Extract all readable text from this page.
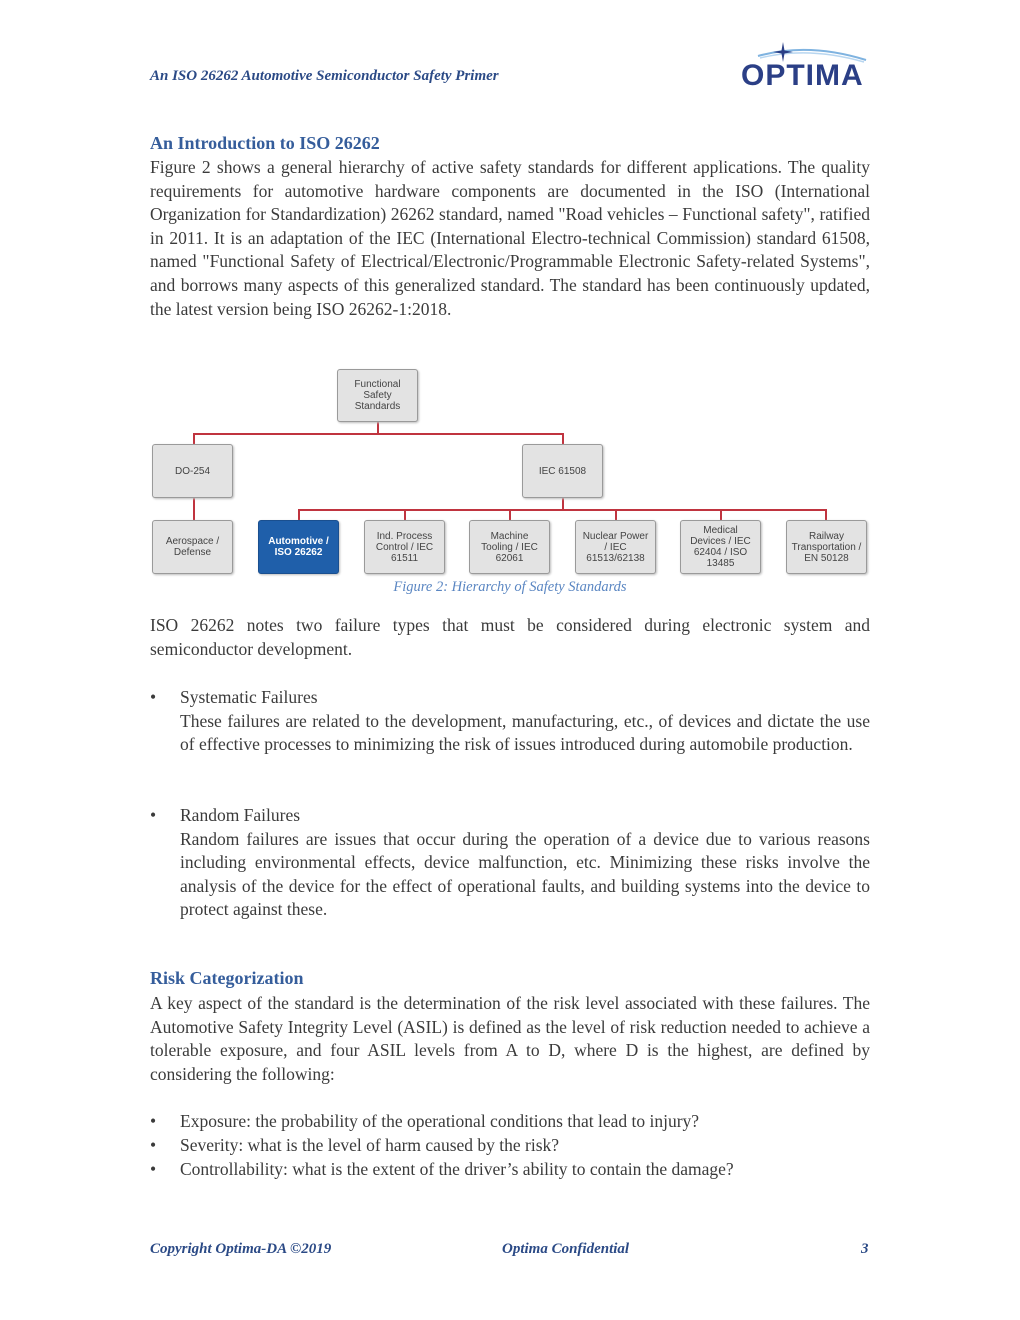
An ISO 26262 Automotive Semiconductor Safety Primer	OPTIMA
An Introduction to ISO 26262
Figure 2 shows a general hierarchy of active safety standards for different applications. The quality requirements for automotive hardware components are documented in the ISO (International Organization for Standardization) 26262 standard, named "Road vehicles – Functional safety", ratified in 2011. It is an adaptation of the IEC (International Electro-technical Commission) standard 61508, named "Functional Safety of Electrical/Electronic/Programmable Electronic Safety-related Systems", and borrows many aspects of this generalized standard. The standard has been continuously updated, the latest version being ISO 26262-1:2018.
Functional Safety Standards
DO-254	IEC 61508
Aerospace / Defense
Automotive / ISO 26262
Ind. Process Control / IEC 61511
Machine Tooling / IEC 62061
Nuclear Power / IEC 61513/62138
Medical Devices / IEC 62404 / ISO 13485
Railway Transportation / EN 50128
Figure 2: Hierarchy of Safety Standards
ISO 26262 notes two failure types that must be considered during electronic system and semiconductor development.
•	Systematic Failures
These failures are related to the development, manufacturing, etc., of devices and dictate the use of effective processes to minimizing the risk of issues introduced during automobile production.
•	Random Failures
Random failures are issues that occur during the operation of a device due to various reasons including environmental effects, device malfunction, etc. Minimizing these risks involve the analysis of the device for the effect of operational faults, and building systems into the device to protect against these.
Risk Categorization
A key aspect of the standard is the determination of the risk level associated with these failures. The Automotive Safety Integrity Level (ASIL) is defined as the level of risk reduction needed to achieve a tolerable exposure, and four ASIL levels from A to D, where D is the highest, are defined by considering the following:
•	Exposure: the probability of the operational conditions that lead to injury?
•	Severity: what is the level of harm caused by the risk?
•	Controllability: what is the extent of the driver’s ability to contain the damage?
Copyright Optima-DA ©2019	Optima Confidential	3
